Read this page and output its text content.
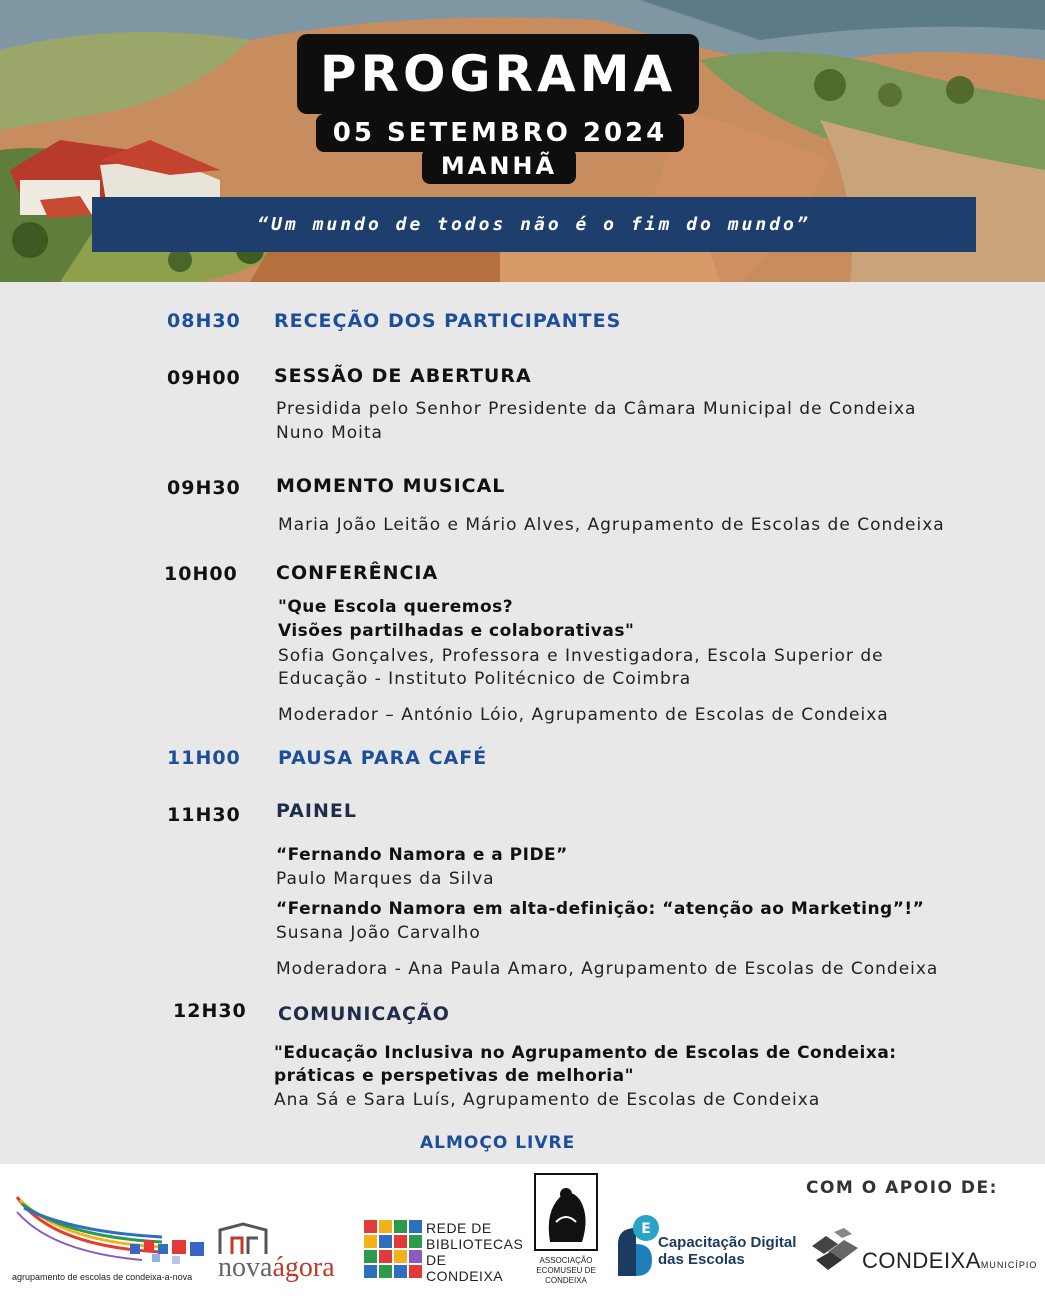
PROGRAMA
05 SETEMBRO 2024
MANHÃ
“Um mundo de todos não é o fim do mundo”
08H30 RECEÇÃO DOS PARTICIPANTES
09H00 SESSÃO DE ABERTURA
Presidida pelo Senhor Presidente da Câmara Municipal de Condeixa
Nuno Moita
09H30 MOMENTO MUSICAL
Maria João Leitão e Mário Alves, Agrupamento de Escolas de Condeixa
10H00 CONFERÊNCIA
"Que Escola queremos?
Visões partilhadas e colaborativas"
Sofia Gonçalves, Professora e Investigadora, Escola Superior de
Educação - Instituto Politécnico de Coimbra
Moderador – António Lóio, Agrupamento de Escolas de Condeixa
11H00 PAUSA PARA CAFÉ
11H30 PAINEL
“Fernando Namora e a PIDE”
Paulo Marques da Silva
“Fernando Namora em alta-definição: “atenção ao Marketing”!”
Susana João Carvalho
Moderadora - Ana Paula Amaro, Agrupamento de Escolas de Condeixa
12H30 COMUNICAÇÃO
"Educação Inclusiva no Agrupamento de Escolas de Condeixa:
práticas e perspetivas de melhoria"
Ana Sá e Sara Luís, Agrupamento de Escolas de Condeixa
ALMOÇO LIVRE
COM O APOIO DE:
agrupamento de escolas de condeixa-a-nova novaágora
REDE DE
BIBLIOTECAS
DE CONDEIXA
ASSOCIAÇÃO
ECOMUSEU DE
CONDEIXA
E
Capacitação Digital
das Escolas	CONDEIXAMUNICÍPIO
